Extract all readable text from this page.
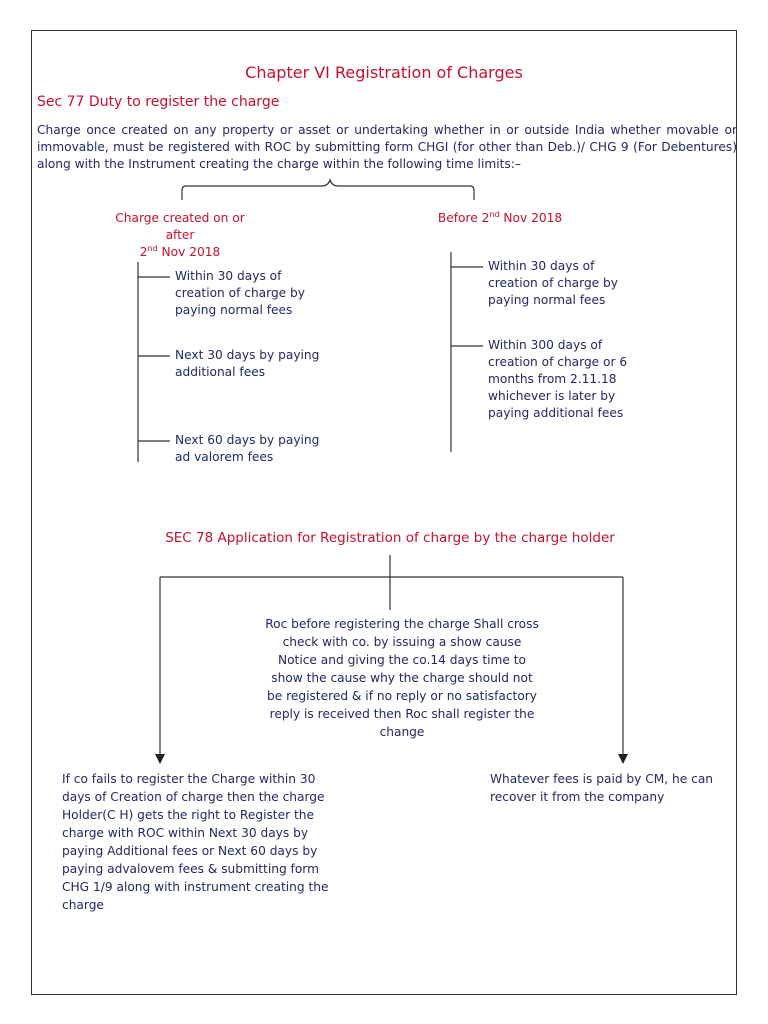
Chapter VI Registration of Charges
Sec 77 Duty to register the charge
Charge once created on any property or asset or undertaking whether in or outside India whether movable or immovable, must be registered with ROC by submitting form CHGI (for other than Deb.)/ CHG 9 (For Debentures) along with the Instrument creating the charge within the following time limits:–
Charge created on or after
2nd Nov 2018
Before 2nd Nov 2018
Within 30 days of creation of charge by paying normal fees
Next 30 days by paying additional fees
Next 60 days by paying ad valorem fees
Within 30 days of creation of charge by paying normal fees
Within 300 days of creation of charge or 6 months from 2.11.18 whichever is later by paying additional fees
SEC 78 Application for Registration of charge by the charge holder
Roc before registering the charge Shall cross check with co. by issuing a show cause Notice and giving the co.14 days time to show the cause why the charge should not be registered & if no reply or no satisfactory reply is received then Roc shall register the change
If co fails to register the Charge within 30 days of Creation of charge then the charge Holder(C H) gets the right to Register the charge with ROC within Next 30 days by paying Additional fees or Next 60 days by paying advalovem fees & submitting form CHG 1/9 along with instrument creating the charge
Whatever fees is paid by CM, he can recover it from the company
